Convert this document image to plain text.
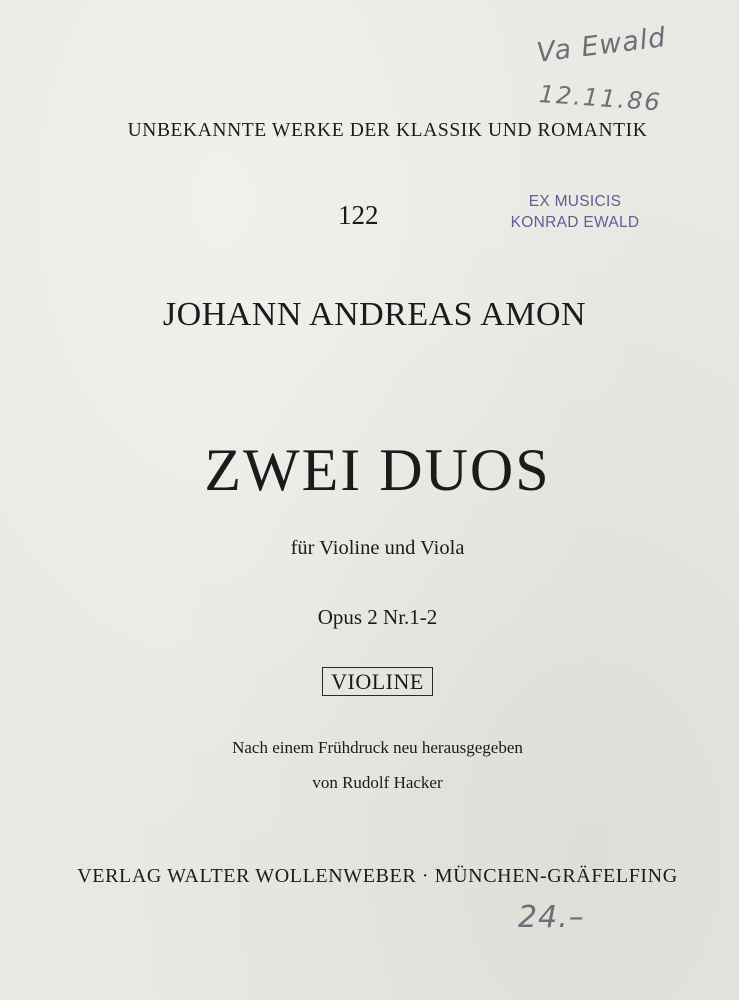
Va Ewald
12.11.86
UNBEKANNTE WERKE DER KLASSIK UND ROMANTIK
122	EX MUSICIS
KONRAD EWALD
JOHANN ANDREAS AMON
ZWEI DUOS
für Violine und Viola
Opus 2 Nr.1-2
VIOLINE
Nach einem Frühdruck neu herausgegeben
von Rudolf Hacker
VERLAG WALTER WOLLENWEBER · MÜNCHEN-GRÄFELFING
24.–
